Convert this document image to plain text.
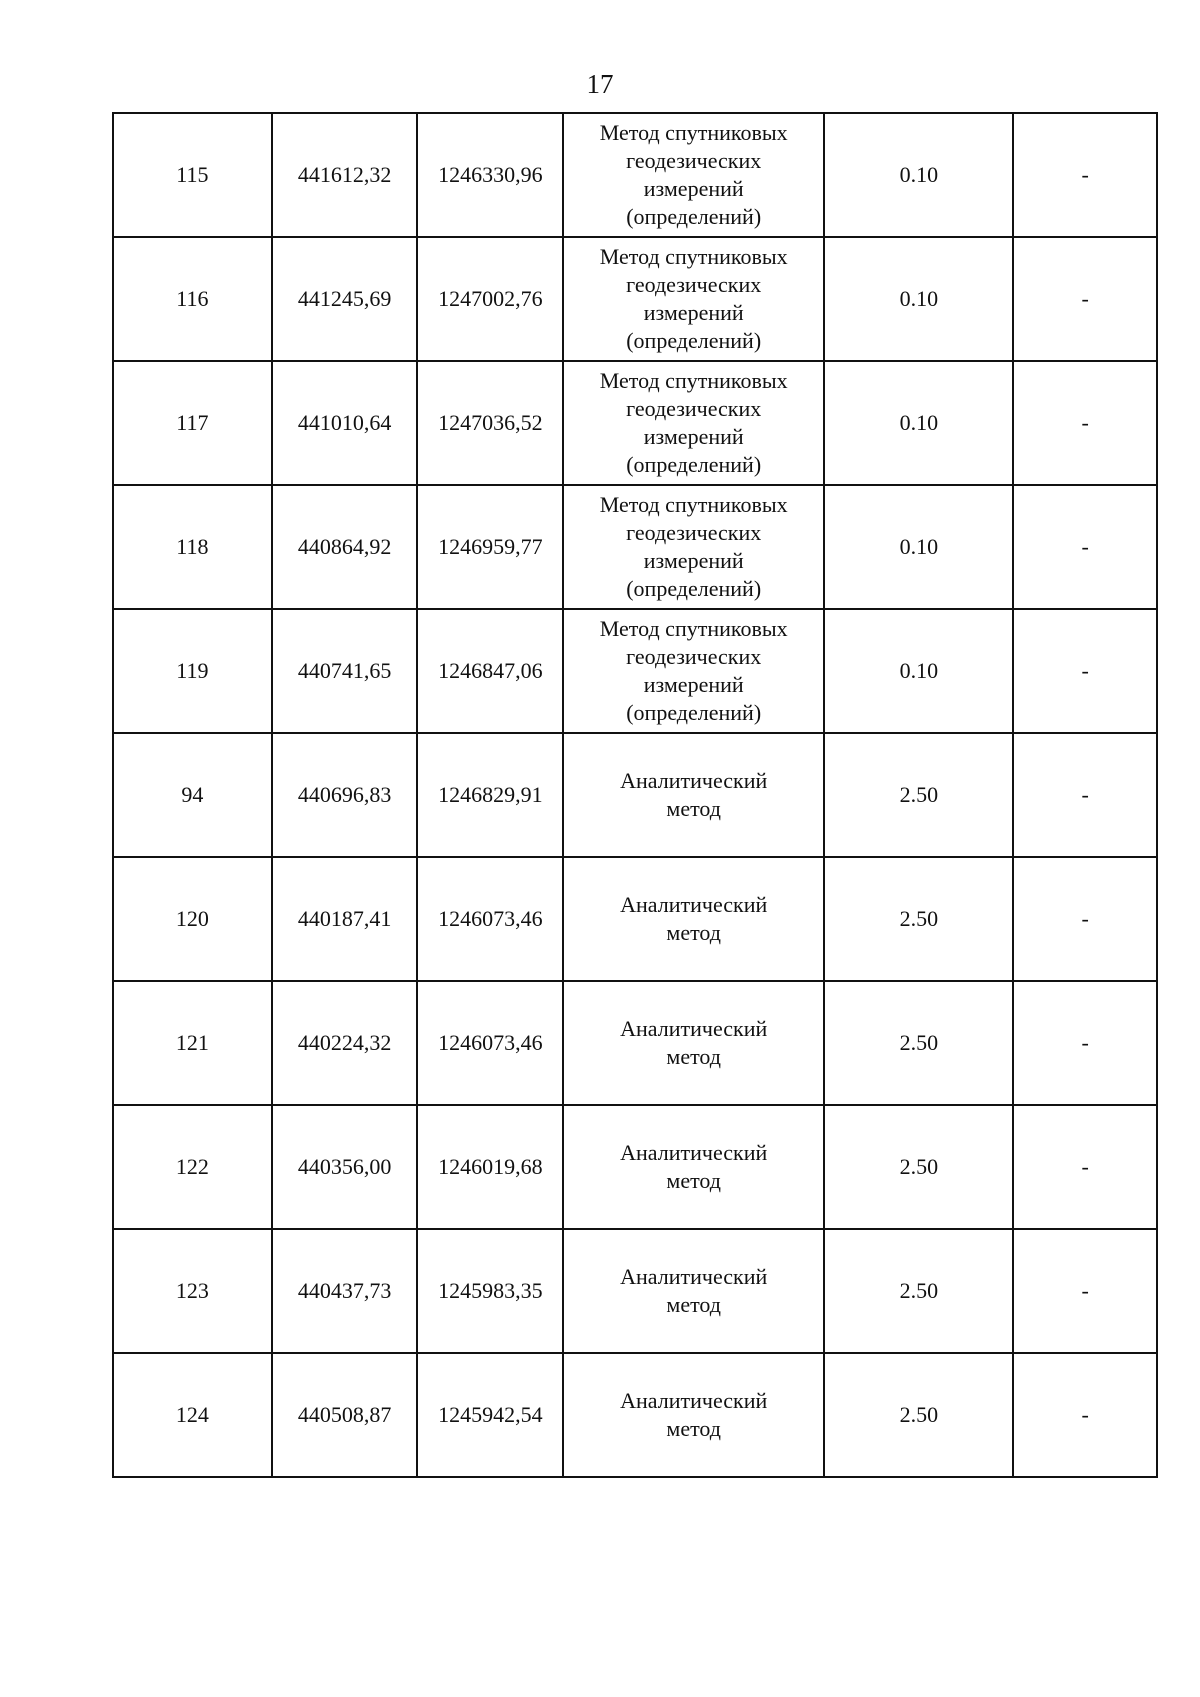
17
115	441612,32	1246330,96	Метод спутниковых
геодезических
измерений
(определений)	0.10	-
116	441245,69	1247002,76	Метод спутниковых
геодезических
измерений
(определений)	0.10	-
117	441010,64	1247036,52	Метод спутниковых
геодезических
измерений
(определений)	0.10	-
118	440864,92	1246959,77	Метод спутниковых
геодезических
измерений
(определений)	0.10	-
119	440741,65	1246847,06	Метод спутниковых
геодезических
измерений
(определений)	0.10	-
94	440696,83	1246829,91	Аналитический
метод	2.50	-
120	440187,41	1246073,46	Аналитический
метод	2.50	-
121	440224,32	1246073,46	Аналитический
метод	2.50	-
122	440356,00	1246019,68	Аналитический
метод	2.50	-
123	440437,73	1245983,35	Аналитический
метод	2.50	-
124	440508,87	1245942,54	Аналитический
метод	2.50	-
